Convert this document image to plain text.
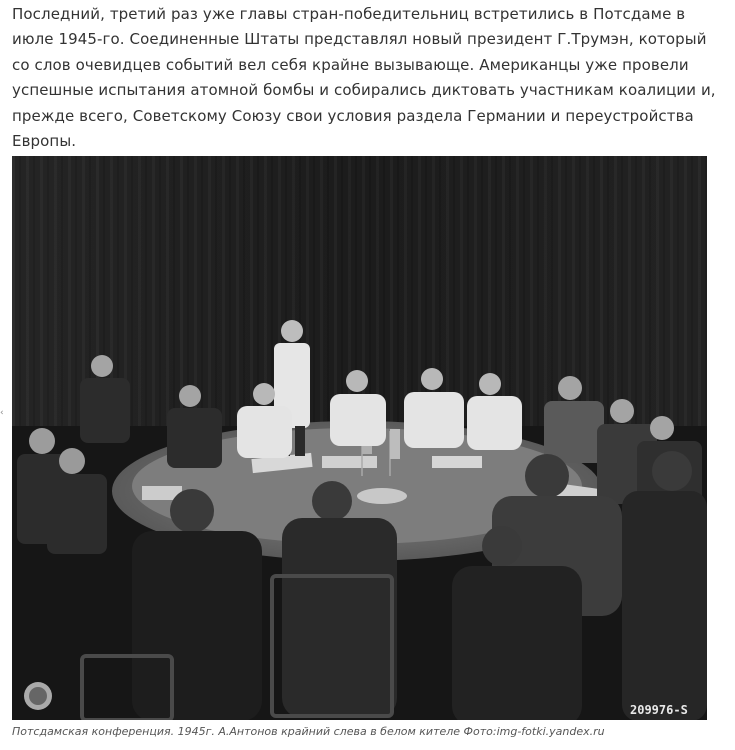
Последний, третий раз уже главы стран-победительниц встретились в Потсдаме в июле 1945-го. Соединенные Штаты представлял новый президент Г.Трумэн, который со слов очевидцев событий вел себя крайне вызывающе. Американцы уже провели успешные испытания атомной бомбы и собирались диктовать участникам коалиции и, прежде всего, Советскому Союзу свои условия раздела Германии и переустройства Европы.

‹
209976-S
Потсдамская конференция. 1945г. А.Антонов крайний слева в белом кителе Фото:img-fotki.yandex.ru
